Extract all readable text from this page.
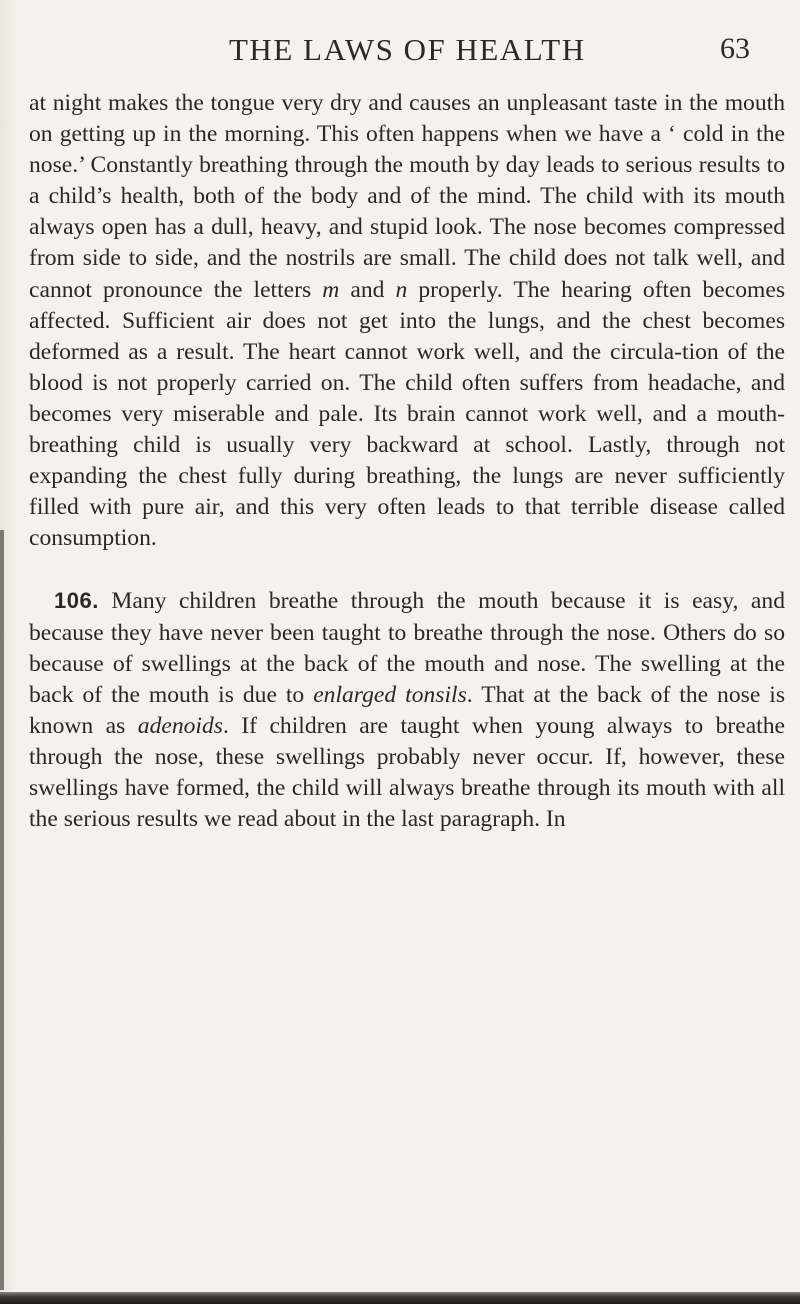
THE LAWS OF HEALTH	63

at night makes the tongue very dry and causes an unpleasant taste in the mouth on getting up in the morning. This often happens when we have a ‘ cold in the nose.’ Constantly breathing through the mouth by day leads to serious results to a child’s health, both of the body and of the mind. The child with its mouth always open has a dull, heavy, and stupid look. The nose becomes compressed from side to side, and the nostrils are small. The child does not talk well, and cannot pronounce the letters m and n properly. The hearing often becomes affected. Sufficient air does not get into the lungs, and the chest becomes deformed as a result. The heart cannot work well, and the circula-tion of the blood is not properly carried on. The child often suffers from headache, and becomes very miserable and pale. Its brain cannot work well, and a mouth-breathing child is usually very backward at school. Lastly, through not expanding the chest fully during breathing, the lungs are never sufficiently filled with pure air, and this very often leads to that terrible disease called consumption.

106. Many children breathe through the mouth because it is easy, and because they have never been taught to breathe through the nose. Others do so because of swellings at the back of the mouth and nose. The swelling at the back of the mouth is due to enlarged tonsils. That at the back of the nose is known as adenoids. If children are taught when young always to breathe through the nose, these swellings probably never occur. If, however, these swellings have formed, the child will always breathe through its mouth with all the serious results we read about in the last paragraph. In
